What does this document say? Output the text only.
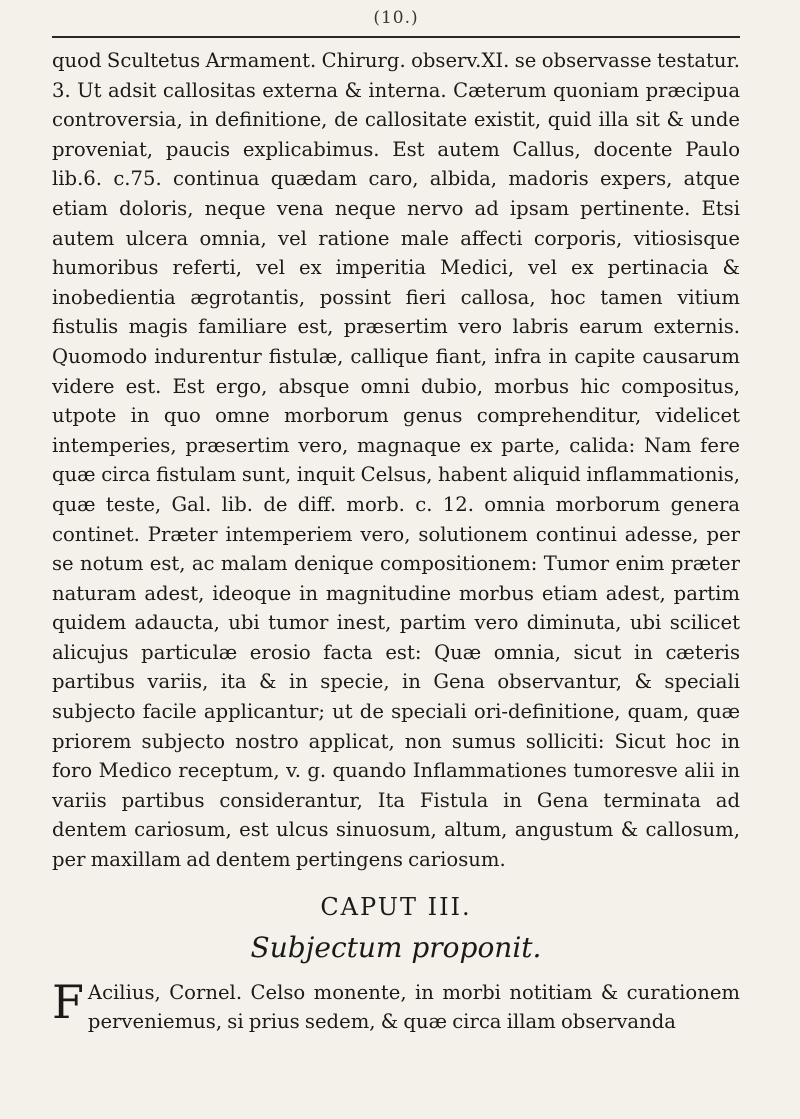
(10.)

quod Scultetus Armament. Chirurg. observ.XI. se observasse testatur. 3. Ut adsit callositas externa & interna. Cæterum quoniam præcipua controversia, in definitione, de callositate existit, quid illa sit & unde proveniat, paucis explicabimus. Est autem Callus, docente Paulo lib.6. c.75. continua quædam caro, albida, madoris expers, atque etiam doloris, neque vena neque nervo ad ipsam pertinente. Etsi autem ulcera omnia, vel ratione male affecti corporis, vitiosisque humoribus referti, vel ex imperitia Medici, vel ex pertinacia & inobedientia ægrotantis, possint fieri callosa, hoc tamen vitium fistulis magis familiare est, præsertim vero labris earum externis. Quomodo indurentur fistulæ, callique fiant, infra in capite causarum videre est. Est ergo, absque omni dubio, morbus hic compositus, utpote in quo omne morborum genus comprehenditur, videlicet intemperies, præsertim vero, magnaque ex parte, calida: Nam fere quæ circa fistulam sunt, inquit Celsus, habent aliquid inflammationis, quæ teste, Gal. lib. de diff. morb. c. 12. omnia morborum genera continet. Præter intemperiem vero, solutionem continui adesse, per se notum est, ac malam denique compositionem: Tumor enim præter naturam adest, ideoque in magnitudine morbus etiam adest, partim quidem adaucta, ubi tumor inest, partim vero diminuta, ubi scilicet alicujus particulæ erosio facta est: Quæ omnia, sicut in cæteris partibus variis, ita & in specie, in Gena observantur, & speciali subjecto facile applicantur; ut de speciali ori-definitione, quam, quæ priorem subjecto nostro applicat, non sumus solliciti: Sicut hoc in foro Medico receptum, v. g. quando Inflammationes tumoresve alii in variis partibus considerantur, Ita Fistula in Gena terminata ad dentem cariosum, est ulcus sinuosum, altum, angustum & callosum, per maxillam ad dentem pertingens cariosum.

CAPUT III.
Subjectum proponit.
F Acilius, Cornel. Celso monente, in morbi notitiam & curationem perveniemus, si prius sedem, & quæ circa illam observanda
